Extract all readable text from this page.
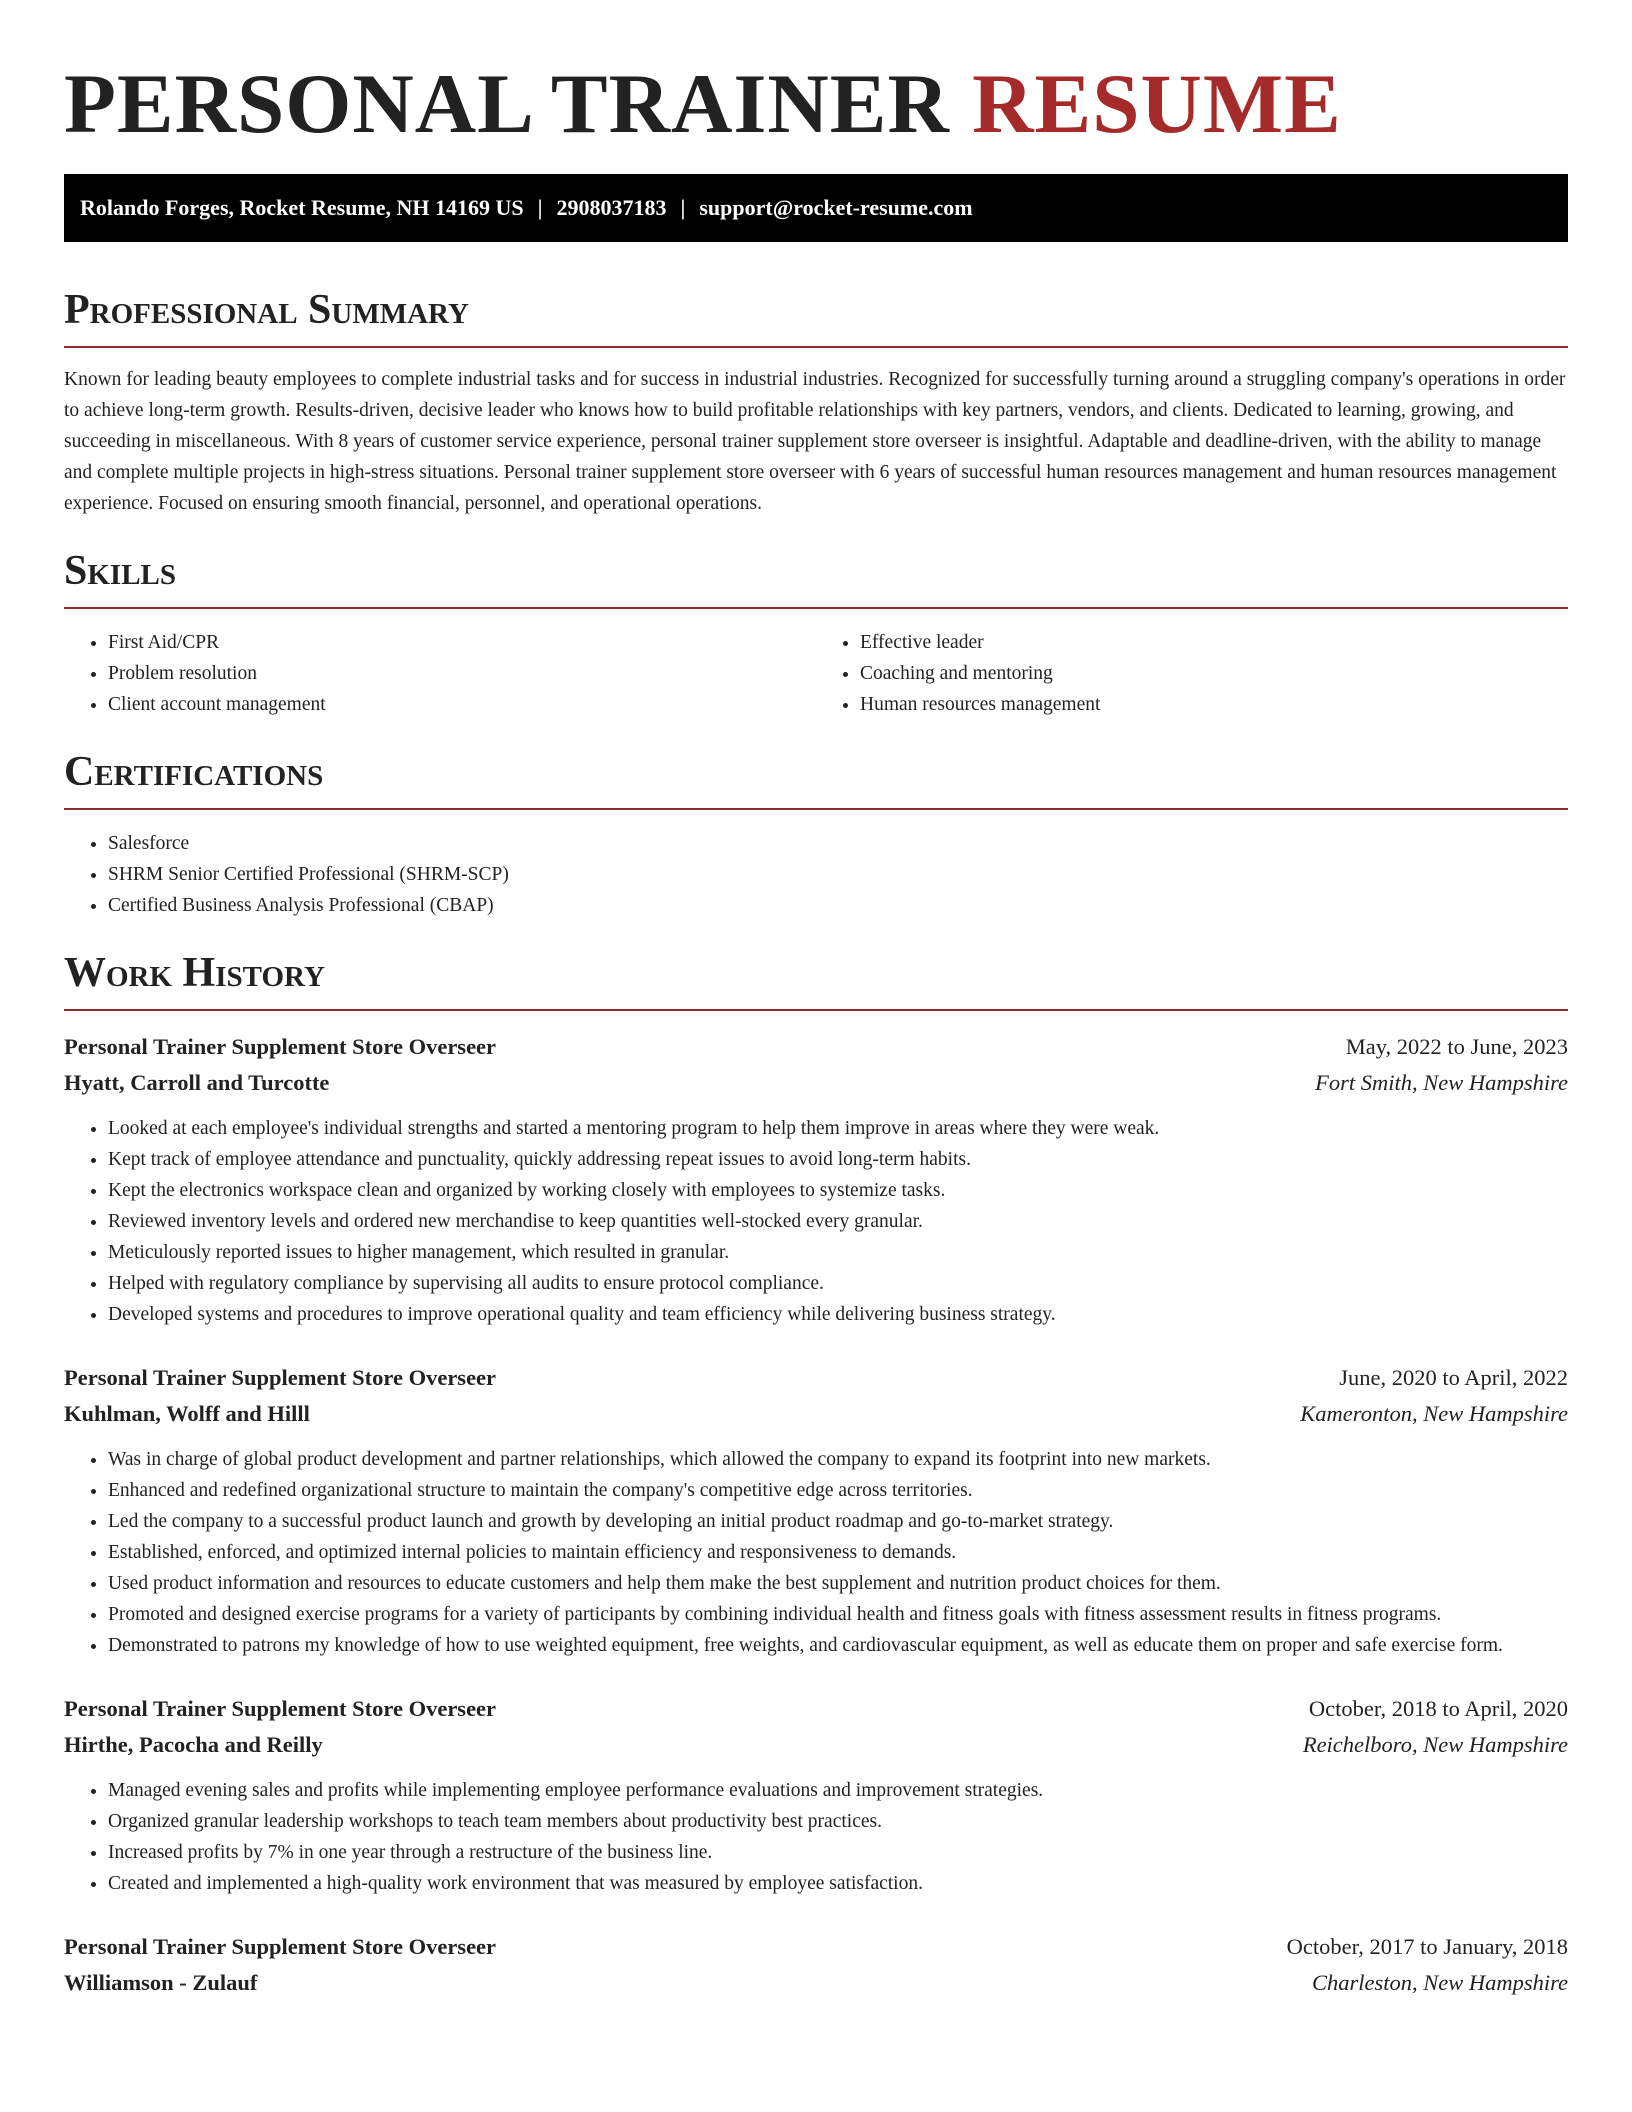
PERSONAL TRAINER RESUME
Rolando Forges, Rocket Resume, NH 14169 US | 2908037183 | support@rocket-resume.com
Professional Summary

Known for leading beauty employees to complete industrial tasks and for success in industrial industries. Recognized for successfully turning around a struggling company's operations in order to achieve long-term growth. Results-driven, decisive leader who knows how to build profitable relationships with key partners, vendors, and clients. Dedicated to learning, growing, and succeeding in miscellaneous. With 8 years of customer service experience, personal trainer supplement store overseer is insightful. Adaptable and deadline-driven, with the ability to manage and complete multiple projects in high-stress situations. Personal trainer supplement store overseer with 6 years of successful human resources management and human resources management experience. Focused on ensuring smooth financial, personnel, and operational operations.

Skills
• First Aid/CPR
• Problem resolution
• Client account management
• Effective leader
• Coaching and mentoring
• Human resources management
Certifications
• Salesforce
• SHRM Senior Certified Professional (SHRM-SCP)
• Certified Business Analysis Professional (CBAP)
Work History
Personal Trainer Supplement Store Overseer	May, 2022 to June, 2023
Hyatt, Carroll and Turcotte	Fort Smith, New Hampshire
• Looked at each employee's individual strengths and started a mentoring program to help them improve in areas where they were weak.
• Kept track of employee attendance and punctuality, quickly addressing repeat issues to avoid long-term habits.
• Kept the electronics workspace clean and organized by working closely with employees to systemize tasks.
• Reviewed inventory levels and ordered new merchandise to keep quantities well-stocked every granular.
• Meticulously reported issues to higher management, which resulted in granular.
• Helped with regulatory compliance by supervising all audits to ensure protocol compliance.
• Developed systems and procedures to improve operational quality and team efficiency while delivering business strategy.
Personal Trainer Supplement Store Overseer	June, 2020 to April, 2022
Kuhlman, Wolff and Hilll	Kameronton, New Hampshire
• Was in charge of global product development and partner relationships, which allowed the company to expand its footprint into new markets.
• Enhanced and redefined organizational structure to maintain the company's competitive edge across territories.
• Led the company to a successful product launch and growth by developing an initial product roadmap and go-to-market strategy.
• Established, enforced, and optimized internal policies to maintain efficiency and responsiveness to demands.
• Used product information and resources to educate customers and help them make the best supplement and nutrition product choices for them.
• Promoted and designed exercise programs for a variety of participants by combining individual health and fitness goals with fitness assessment results in fitness programs.
• Demonstrated to patrons my knowledge of how to use weighted equipment, free weights, and cardiovascular equipment, as well as educate them on proper and safe exercise form.
Personal Trainer Supplement Store Overseer	October, 2018 to April, 2020
Hirthe, Pacocha and Reilly	Reichelboro, New Hampshire
• Managed evening sales and profits while implementing employee performance evaluations and improvement strategies.
• Organized granular leadership workshops to teach team members about productivity best practices.
• Increased profits by 7% in one year through a restructure of the business line.
• Created and implemented a high-quality work environment that was measured by employee satisfaction.
Personal Trainer Supplement Store Overseer	October, 2017 to January, 2018
Williamson - Zulauf	Charleston, New Hampshire
